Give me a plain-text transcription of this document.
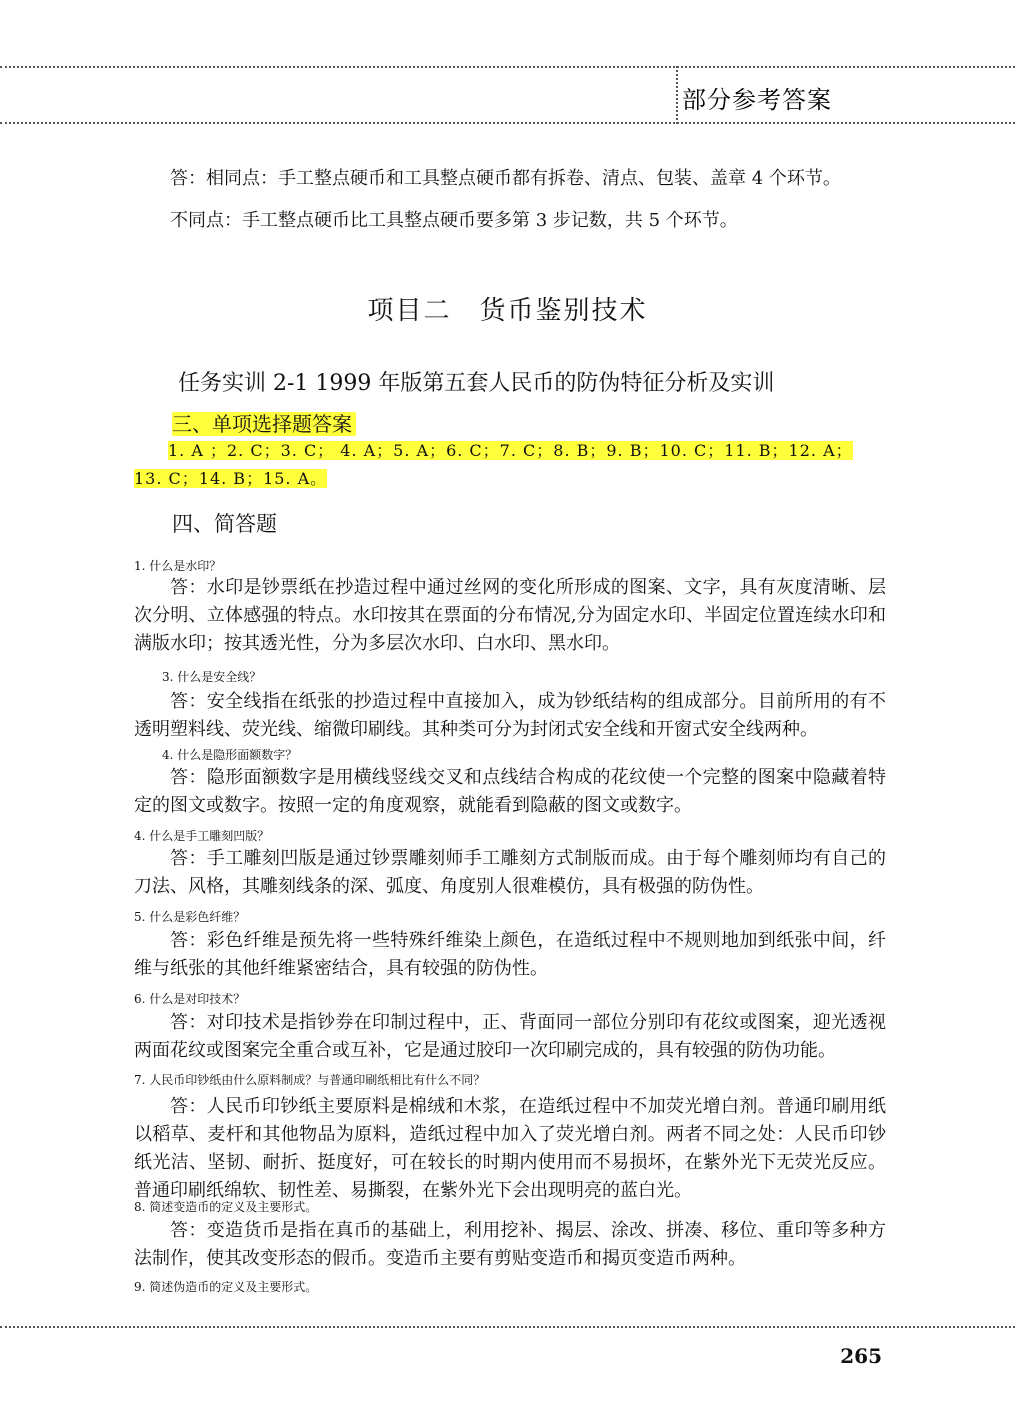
部分参考答案

答：相同点：手工整点硬币和工具整点硬币都有拆卷、清点、包装、盖章 4 个环节。

不同点：手工整点硬币比工具整点硬币要多第 3 步记数，共 5 个环节。

项目二　货币鉴别技术
任务实训 2-1 1999 年版第五套人民币的防伪特征分析及实训
三、单项选择题答案
1. A ；2. C；3. C； 4. A；5. A；6. C；7. C；8. B；9. B；10. C；11. B；12. A；
13. C；14. B；15. A。
四、简答题
1. 什么是水印？

答：水印是钞票纸在抄造过程中通过丝网的变化所形成的图案、文字，具有灰度清晰、层次分明、立体感强的特点。水印按其在票面的分布情况,分为固定水印、半固定位置连续水印和满版水印；按其透光性，分为多层次水印、白水印、黑水印。

3. 什么是安全线？

答：安全线指在纸张的抄造过程中直接加入，成为钞纸结构的组成部分。目前所用的有不透明塑料线、荧光线、缩微印刷线。其种类可分为封闭式安全线和开窗式安全线两种。

4. 什么是隐形面额数字？

答：隐形面额数字是用横线竖线交叉和点线结合构成的花纹使一个完整的图案中隐藏着特定的图文或数字。按照一定的角度观察，就能看到隐蔽的图文或数字。

4. 什么是手工雕刻凹版？

答：手工雕刻凹版是通过钞票雕刻师手工雕刻方式制版而成。由于每个雕刻师均有自己的刀法、风格，其雕刻线条的深、弧度、角度别人很难模仿，具有极强的防伪性。

5. 什么是彩色纤维？

答：彩色纤维是预先将一些特殊纤维染上颜色，在造纸过程中不规则地加到纸张中间，纤维与纸张的其他纤维紧密结合，具有较强的防伪性。

6. 什么是对印技术？

答：对印技术是指钞券在印制过程中，正、背面同一部位分别印有花纹或图案，迎光透视两面花纹或图案完全重合或互补，它是通过胶印一次印刷完成的，具有较强的防伪功能。

7. 人民币印钞纸由什么原料制成？与普通印刷纸相比有什么不同？

答：人民币印钞纸主要原料是棉绒和木浆，在造纸过程中不加荧光增白剂。普通印刷用纸以稻草、麦杆和其他物品为原料，造纸过程中加入了荧光增白剂。两者不同之处：人民币印钞纸光洁、坚韧、耐折、挺度好，可在较长的时期内使用而不易损坏，在紫外光下无荧光反应。普通印刷纸绵软、韧性差、易撕裂，在紫外光下会出现明亮的蓝白光。

8. 简述变造币的定义及主要形式。

答：变造货币是指在真币的基础上，利用挖补、揭层、涂改、拼凑、移位、重印等多种方法制作，使其改变形态的假币。变造币主要有剪贴变造币和揭页变造币两种。

9. 简述伪造币的定义及主要形式。
265
